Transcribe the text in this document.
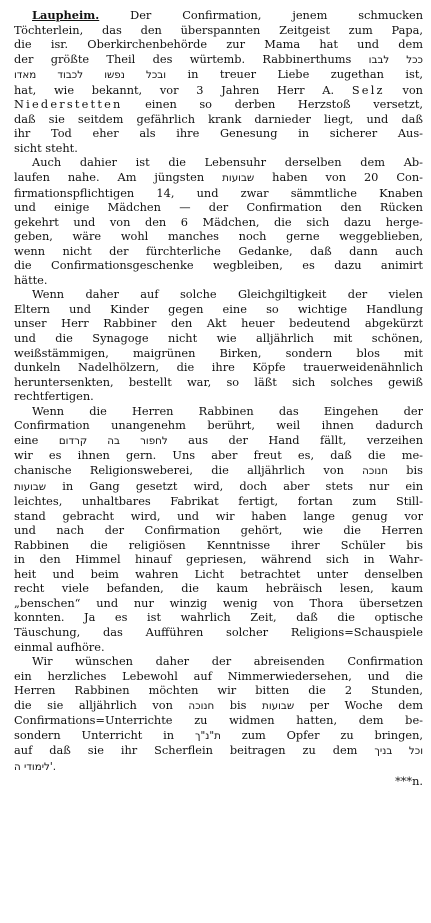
Laupheim. Der Confirmation, jenem schmucken
Töchterlein, das den überspannten Zeitgeist zum Papa,
die isr. Oberkirchenbehörde zur Mama hat und dem
der größte Theil des würtemb. Rabbinerthums ככל לבבו
ובכל נפשו לכבוד מאדו in treuer Liebe zugethan ist,
hat, wie bekannt, vor 3 Jahren Herr A. Selz von
Niederstetten einen so derben Herzstoß versetzt,
daß sie seitdem gefährlich krank darnieder liegt, und daß
ihr Tod eher als ihre Genesung in sicherer Aus-
sicht steht.

Auch dahier ist die Lebensuhr derselben dem Ab-
laufen nahe. Am jüngsten שבועות haben von 20 Con-
firmationspflichtigen 14, und zwar sämmtliche Knaben
und einige Mädchen — der Confirmation den Rücken
gekehrt und von den 6 Mädchen, die sich dazu herge-
geben, wäre wohl manches noch gerne weggeblieben,
wenn nicht der fürchterliche Gedanke, daß dann auch
die Confirmationsgeschenke wegbleiben, es dazu animirt
hätte.

Wenn daher auf solche Gleichgiltigkeit der vielen
Eltern und Kinder gegen eine so wichtige Handlung
unser Herr Rabbiner den Akt heuer bedeutend abgekürzt
und die Synagoge nicht wie alljährlich mit schönen,
weißstämmigen, maigrünen Birken, sondern blos mit
dunkeln Nadelhölzern, die ihre Köpfe trauerweidenähnlich
heruntersenkten, bestellt war, so läßt sich solches gewiß
rechtfertigen.

Wenn die Herren Rabbinen das Eingehen der
Confirmation unangenehm berührt, weil ihnen dadurch
eine לחפור בה קרדום aus der Hand fällt, verzeihen
wir es ihnen gern. Uns aber freut es, daß die me-
chanische Religionsweberei, die alljährlich von חנוכה bis
שבועות in Gang gesetzt wird, doch aber stets nur ein
leichtes, unhaltbares Fabrikat fertigt, fortan zum Still-
stand gebracht wird, und wir haben lange genug vor
und nach der Confirmation gehört, wie die Herren
Rabbinen die religiösen Kenntnisse ihrer Schüler bis
in den Himmel hinauf gepriesen, während sich in Wahr-
heit und beim wahren Licht betrachtet unter denselben
recht viele befanden, die kaum hebräisch lesen, kaum
„benschen“ und nur winzig wenig von Thora übersetzen
konnten. Ja es ist wahrlich Zeit, daß die optische
Täuschung, das Aufführen solcher Religions=Schauspiele
einmal aufhöre.

Wir wünschen daher der abreisenden Confirmation
ein herzliches Lebewohl auf Nimmerwiedersehen, und die
Herren Rabbinen möchten wir bitten die 2 Stunden,
die sie alljährlich von חנוכה bis שבועות per Woche dem
Confirmations=Unterrichte zu widmen hatten, dem be-
sondern Unterricht in ת"נ"ך zum Opfer zu bringen,
auf daß sie ihr Scherflein beitragen zu dem וכל בניך
לימודי ה'.

***n.
